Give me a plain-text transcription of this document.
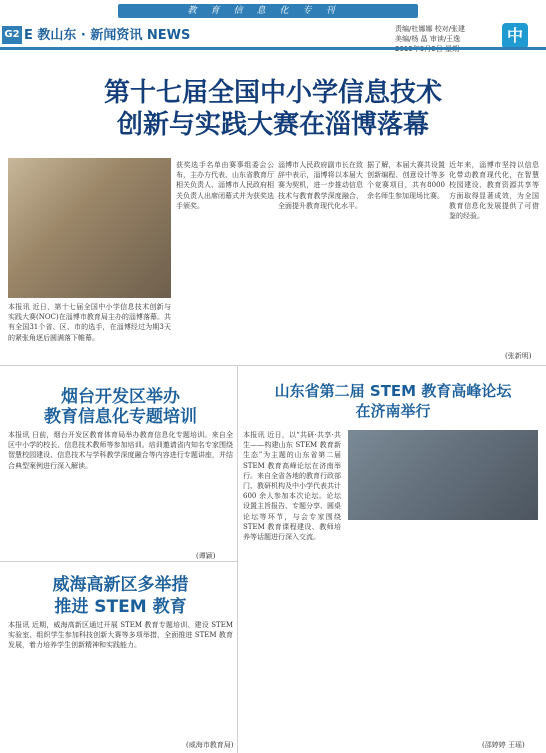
教育信息化专刊
G2 E 教山东 · 新闻资讯 NEWS	责编/杜娜娜 校对/张建
美编/杨 晶 审读/王逸	中
第十七届全国中小学信息技术
创新与实践大赛在淄博落幕
本报讯 近日，第十七届全国中小学信息技术创新与实践大赛(NOC)在淄博市教育局主办的淄博落幕。共有全国31个省、区、市的选手，在淄博经过为期3天的紧张角逐后圆满落下帷幕。
获奖选手名单由赛事组委会公布，主办方代表、山东省教育厅相关负责人、淄博市人民政府相关负责人出席闭幕式并为获奖选手颁奖。
淄博市人民政府副市长在致辞中表示，淄博将以本届大赛为契机，进一步推动信息技术与教育教学深度融合，全面提升教育现代化水平。
据了解，本届大赛共设置创新编程、创意设计等多个竞赛项目，共有8000余名师生参加现场比赛。
近年来，淄博市坚持以信息化带动教育现代化，在智慧校园建设、教育资源共享等方面取得显著成效，为全国教育信息化发展提供了可借鉴的经验。
(张新明)
烟台开发区举办
教育信息化专题培训
本报讯 日前，烟台开发区教育体育局举办教育信息化专题培训。来自全区中小学的校长、信息技术教师等参加培训。培训邀请省内知名专家围绕智慧校园建设、信息技术与学科教学深度融合等内容进行专题讲座，并结合典型案例进行深入解读。
(谭颖)
山东省第二届 STEM 教育高峰论坛
在济南举行
本报讯 近日，以“共研·共享·共生——构建山东 STEM 教育新生态”为主题的山东省第二届 STEM 教育高峰论坛在济南举行。来自全省各地的教育行政部门、教研机构及中小学代表共计 600 余人参加本次论坛。论坛设置主旨报告、专题分享、圆桌论坛等环节，与会专家围绕 STEM 教育课程建设、教师培养等话题进行深入交流。
(邵婷婷 王瑶)
威海高新区多举措
推进 STEM 教育
本报讯 近期，威海高新区通过开展 STEM 教育专题培训、建设 STEM 实验室、组织学生参加科技创新大赛等多项举措，全面推进 STEM 教育发展，着力培养学生创新精神和实践能力。
(威海市教育局)
